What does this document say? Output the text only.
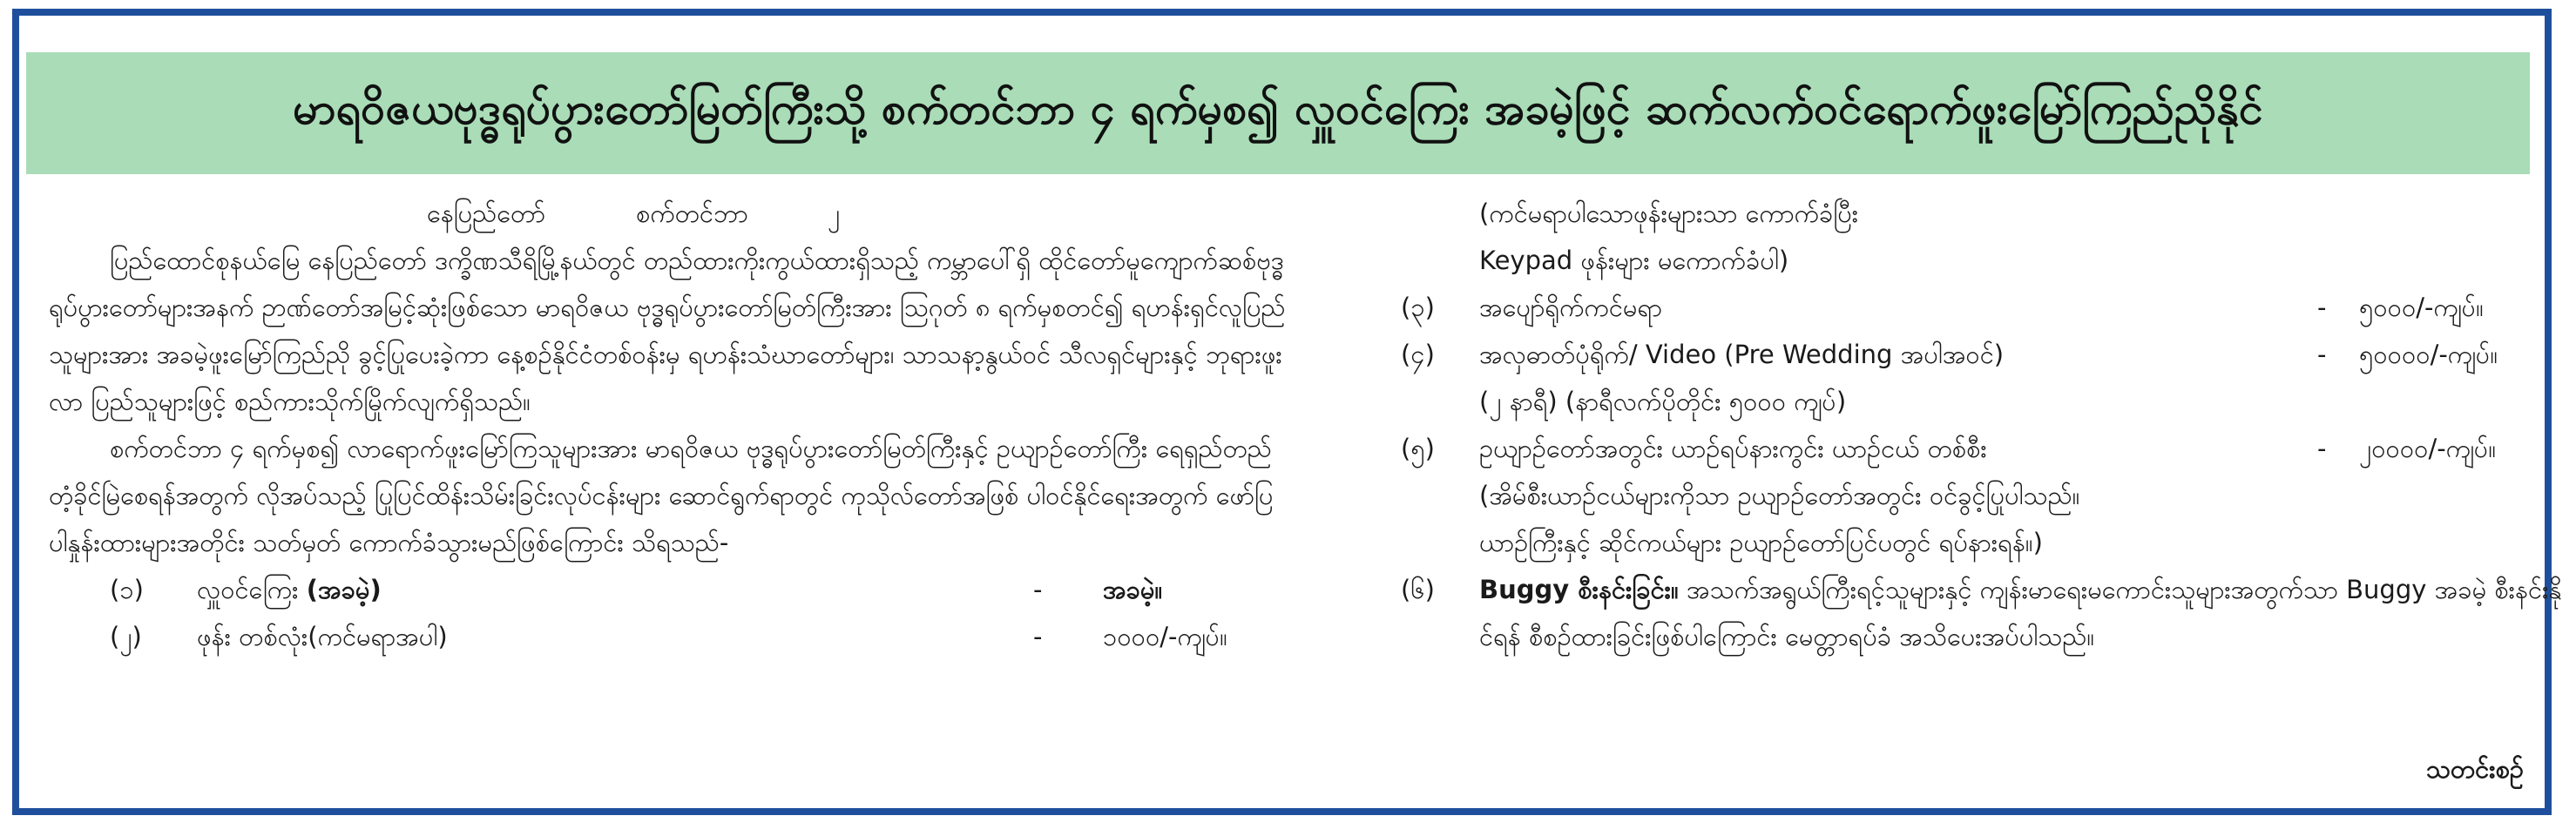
မာရဝိဇယဗုဒ္ဓရုပ်ပွားတော်မြတ်ကြီးသို့ စက်တင်ဘာ ၄ ရက်မှစ၍ လှူဝင်ကြေး အခမဲ့ဖြင့် ဆက်လက်ဝင်ရောက်ဖူးမြော်ကြည်ညိုနိုင်
နေပြည်တော်	စက်တင်ဘာ	၂

ပြည်ထောင်စုနယ်မြေ နေပြည်တော် ဒက္ခိဏသီရိမြို့နယ်တွင် တည်ထားကိုးကွယ်ထားရှိသည့် ကမ္ဘာပေါ်ရှိ ထိုင်တော်မူကျောက်ဆစ်ဗုဒ္ဓရုပ်ပွားတော်များအနက် ဉာဏ်တော်အမြင့်ဆုံးဖြစ်သော မာရဝိဇယ ဗုဒ္ဓရုပ်ပွားတော်မြတ်ကြီးအား ဩဂုတ် ၈ ရက်မှစတင်၍ ရဟန်းရှင်လူပြည်သူများအား အခမဲ့ဖူးမြော်ကြည်ညို ခွင့်ပြုပေးခဲ့ကာ နေ့စဉ်နိုင်ငံတစ်ဝန်းမှ ရဟန်းသံဃာတော်များ၊ သာသနာ့နွယ်ဝင် သီလရှင်များနှင့် ဘုရားဖူးလာ ပြည်သူများဖြင့် စည်ကားသိုက်မြိုက်လျက်ရှိသည်။

စက်တင်ဘာ ၄ ရက်မှစ၍ လာရောက်ဖူးမြော်ကြသူများအား မာရဝိဇယ ဗုဒ္ဓရုပ်ပွားတော်မြတ်ကြီးနှင့် ဥယျာဉ်တော်ကြီး ရေရှည်တည်တံ့ခိုင်မြဲစေရန်အတွက် လိုအပ်သည့် ပြုပြင်ထိန်းသိမ်းခြင်းလုပ်ငန်းများ ဆောင်ရွက်ရာတွင် ကုသိုလ်တော်အဖြစ် ပါဝင်နိုင်ရေးအတွက် ဖော်ပြပါနှုန်းထားများအတိုင်း သတ်မှတ် ကောက်ခံသွားမည်ဖြစ်ကြောင်း သိရသည်-

(၁) လှူဝင်ကြေး (အခမဲ့)	- အခမဲ့။
(၂) ဖုန်း တစ်လုံး(ကင်မရာအပါ)	- ၁၀၀၀/-ကျပ်။
(ကင်မရာပါသောဖုန်းများသာ ကောက်ခံပြီး
Keypad ဖုန်းများ မကောက်ခံပါ)
(၃) အပျော်ရိုက်ကင်မရာ	- ၅၀၀၀/-ကျပ်။
(၄) အလှဓာတ်ပုံရိုက်/ Video (Pre Wedding အပါအဝင်)	- ၅၀၀၀၀/-ကျပ်။
(၂ နာရီ) (နာရီလက်ပိုတိုင်း ၅၀၀၀ ကျပ်)
(၅) ဥယျာဉ်တော်အတွင်း ယာဉ်ရပ်နားကွင်း ယာဉ်ငယ် တစ်စီး	- ၂၀၀၀၀/-ကျပ်။
(အိမ်စီးယာဉ်ငယ်များကိုသာ ဥယျာဉ်တော်အတွင်း ဝင်ခွင့်ပြုပါသည်။
ယာဉ်ကြီးနှင့် ဆိုင်ကယ်များ ဥယျာဉ်တော်ပြင်ပတွင် ရပ်နားရန်။)
(၆)	Buggy စီးနင်းခြင်း။ အသက်အရွယ်ကြီးရင့်သူများနှင့် ကျန်းမာရေးမကောင်းသူများအတွက်သာ Buggy အခမဲ့ စီးနင်းနိုင်ရန် စီစဉ်ထားခြင်းဖြစ်ပါကြောင်း မေတ္တာရပ်ခံ အသိပေးအပ်ပါသည်။
သတင်းစဉ်
